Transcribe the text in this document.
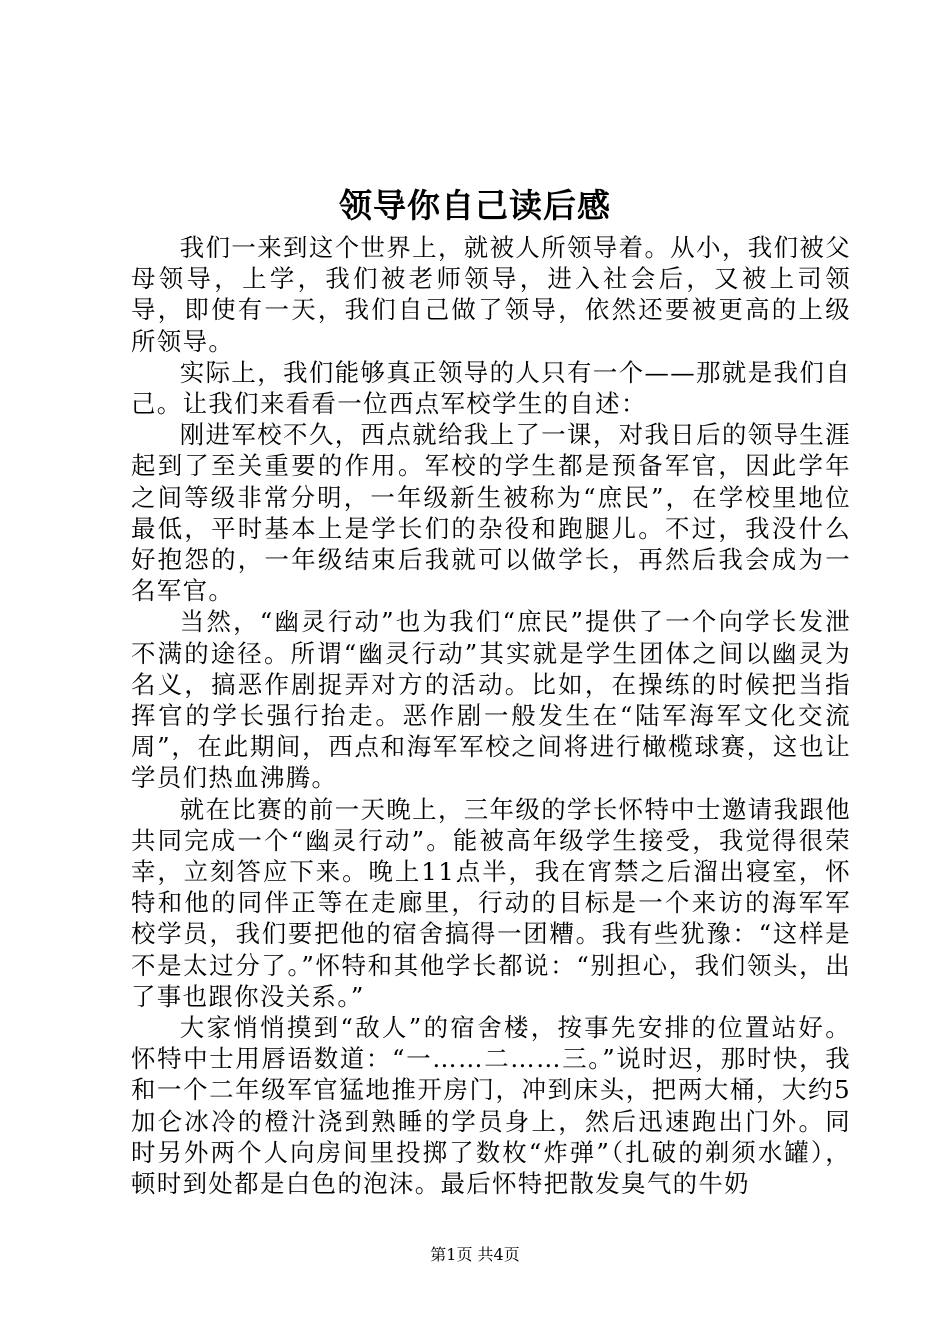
领导你自己读后感

我们一来到这个世界上，就被人所领导着。从小，我们被父母领导，上学，我们被老师领导，进入社会后，又被上司领导，即使有一天，我们自己做了领导，依然还要被更高的上级所领导。

实际上，我们能够真正领导的人只有一个——那就是我们自己。让我们来看看一位西点军校学生的自述：

刚进军校不久，西点就给我上了一课，对我日后的领导生涯起到了至关重要的作用。军校的学生都是预备军官，因此学年之间等级非常分明，一年级新生被称为“庶民”，在学校里地位最低，平时基本上是学长们的杂役和跑腿儿。不过，我没什么好抱怨的，一年级结束后我就可以做学长，再然后我会成为一名军官。

当然，“幽灵行动”也为我们“庶民”提供了一个向学长发泄不满的途径。所谓“幽灵行动”其实就是学生团体之间以幽灵为名义，搞恶作剧捉弄对方的活动。比如，在操练的时候把当指挥官的学长强行抬走。恶作剧一般发生在“陆军海军文化交流周”，在此期间，西点和海军军校之间将进行橄榄球赛，这也让学员们热血沸腾。

就在比赛的前一天晚上，三年级的学长怀特中士邀请我跟他共同完成一个“幽灵行动”。能被高年级学生接受，我觉得很荣幸，立刻答应下来。晚上11点半，我在宵禁之后溜出寝室，怀特和他的同伴正等在走廊里，行动的目标是一个来访的海军军校学员，我们要把他的宿舍搞得一团糟。我有些犹豫：“这样是不是太过分了。”怀特和其他学长都说：“别担心，我们领头，出了事也跟你没关系。”

大家悄悄摸到“敌人”的宿舍楼，按事先安排的位置站好。怀特中士用唇语数道：“一……二……三。”说时迟，那时快，我和一个二年级军官猛地推开房门，冲到床头，把两大桶，大约5加仑冰冷的橙汁浇到熟睡的学员身上，然后迅速跑出门外。同时另外两个人向房间里投掷了数枚“炸弹”（扎破的剃须水罐），顿时到处都是白色的泡沫。最后怀特把散发臭气的牛奶

第1页 共4页
